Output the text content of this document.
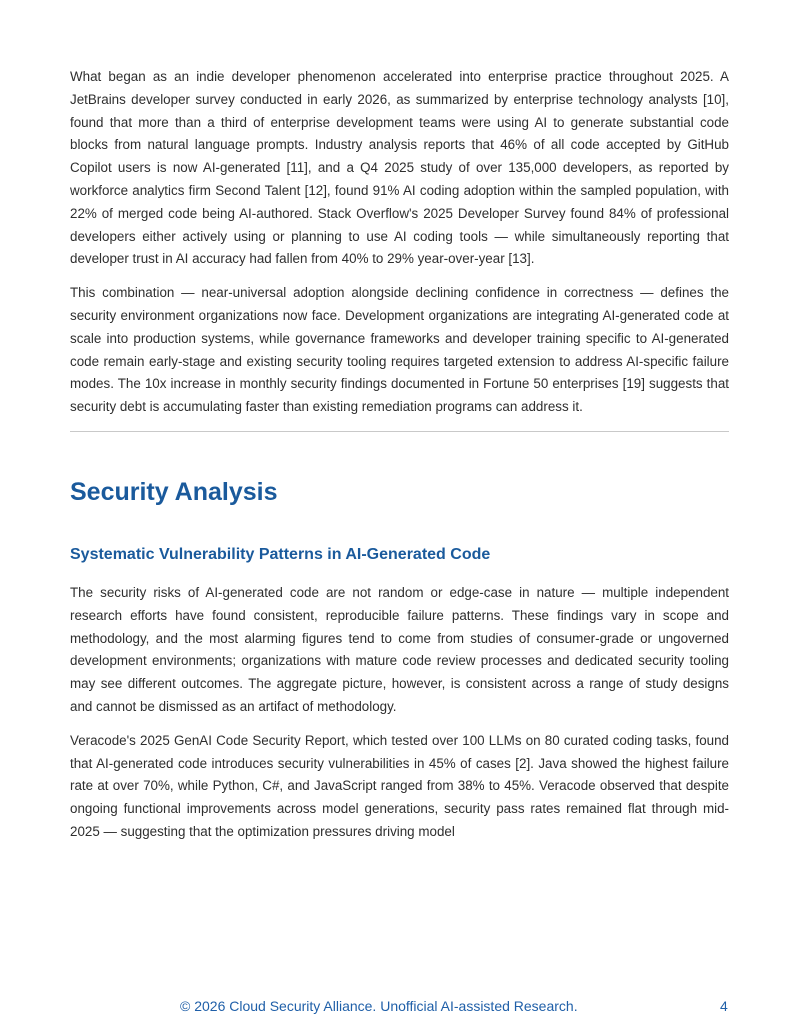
What began as an indie developer phenomenon accelerated into enterprise practice throughout 2025. A JetBrains developer survey conducted in early 2026, as summarized by enterprise technology analysts [10], found that more than a third of enterprise development teams were using AI to generate substantial code blocks from natural language prompts. Industry analysis reports that 46% of all code accepted by GitHub Copilot users is now AI-generated [11], and a Q4 2025 study of over 135,000 developers, as reported by workforce analytics firm Second Talent [12], found 91% AI coding adoption within the sampled population, with 22% of merged code being AI-authored. Stack Overflow's 2025 Developer Survey found 84% of professional developers either actively using or planning to use AI coding tools — while simultaneously reporting that developer trust in AI accuracy had fallen from 40% to 29% year-over-year [13].

This combination — near-universal adoption alongside declining confidence in correctness — defines the security environment organizations now face. Development organizations are integrating AI-generated code at scale into production systems, while governance frameworks and developer training specific to AI-generated code remain early-stage and existing security tooling requires targeted extension to address AI-specific failure modes. The 10x increase in monthly security findings documented in Fortune 50 enterprises [19] suggests that security debt is accumulating faster than existing remediation programs can address it.

Security Analysis
Systematic Vulnerability Patterns in AI-Generated Code

The security risks of AI-generated code are not random or edge-case in nature — multiple independent research efforts have found consistent, reproducible failure patterns. These findings vary in scope and methodology, and the most alarming figures tend to come from studies of consumer-grade or ungoverned development environments; organizations with mature code review processes and dedicated security tooling may see different outcomes. The aggregate picture, however, is consistent across a range of study designs and cannot be dismissed as an artifact of methodology.

Veracode's 2025 GenAI Code Security Report, which tested over 100 LLMs on 80 curated coding tasks, found that AI-generated code introduces security vulnerabilities in 45% of cases [2]. Java showed the highest failure rate at over 70%, while Python, C#, and JavaScript ranged from 38% to 45%. Veracode observed that despite ongoing functional improvements across model generations, security pass rates remained flat through mid-2025 — suggesting that the optimization pressures driving model

© 2026 Cloud Security Alliance. Unofficial AI-assisted Research.	4
